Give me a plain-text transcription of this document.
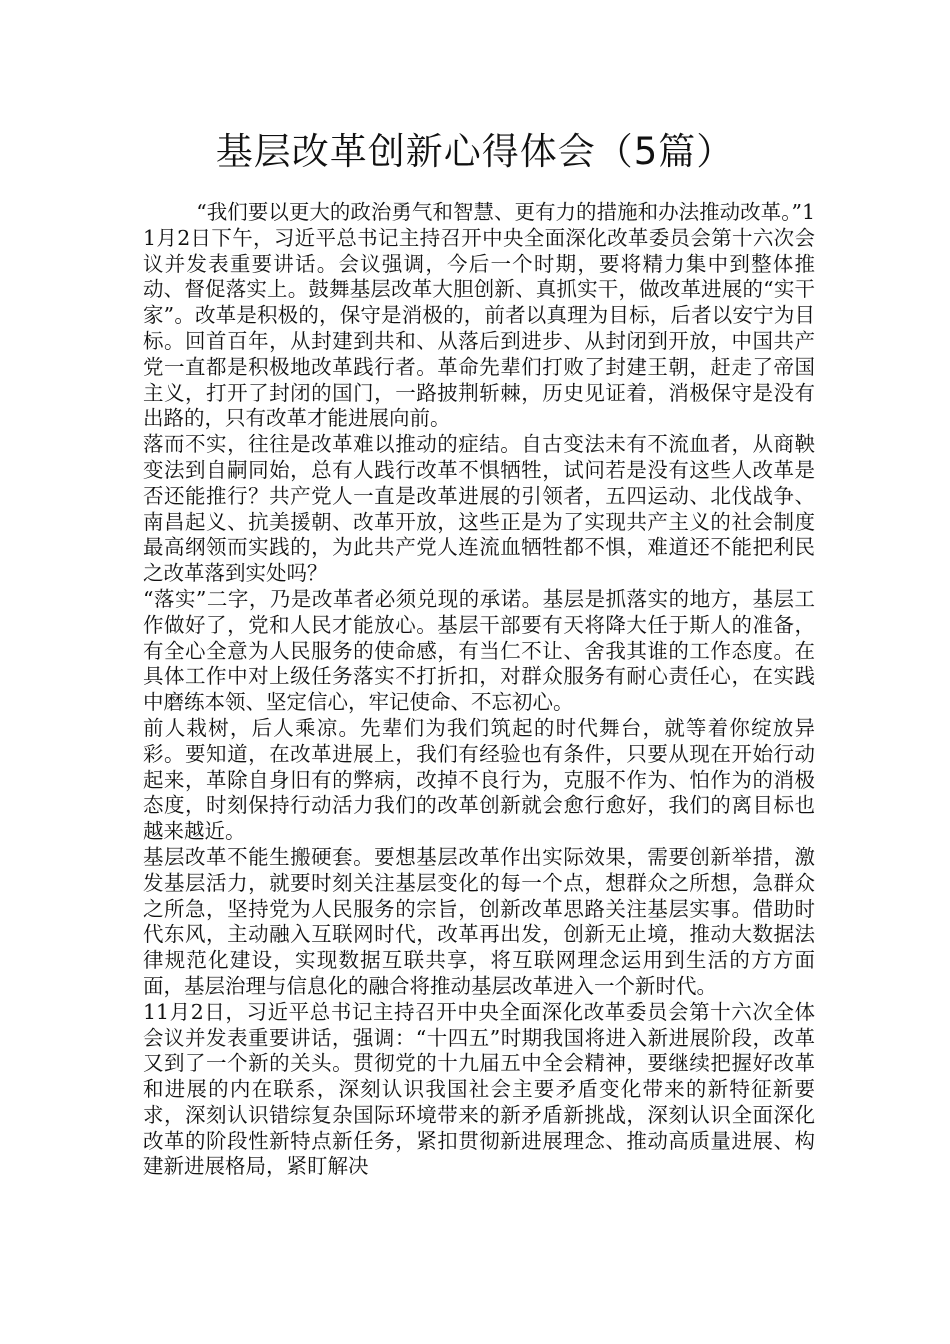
基层改革创新心得体会（5篇）

“我们要以更大的政治勇气和智慧、更有力的措施和办法推动改革。”11月2日下午，习近平总书记主持召开中央全面深化改革委员会第十六次会议并发表重要讲话。会议强调，今后一个时期，要将精力集中到整体推动、督促落实上。鼓舞基层改革大胆创新、真抓实干，做改革进展的“实干家”。改革是积极的，保守是消极的，前者以真理为目标，后者以安宁为目标。回首百年，从封建到共和、从落后到进步、从封闭到开放，中国共产党一直都是积极地改革践行者。革命先辈们打败了封建王朝，赶走了帝国主义，打开了封闭的国门，一路披荆斩棘，历史见证着，消极保守是没有出路的，只有改革才能进展向前。

落而不实，往往是改革难以推动的症结。自古变法未有不流血者，从商鞅变法到自嗣同始，总有人践行改革不惧牺牲，试问若是没有这些人改革是否还能推行？共产党人一直是改革进展的引领者，五四运动、北伐战争、南昌起义、抗美援朝、改革开放，这些正是为了实现共产主义的社会制度最高纲领而实践的，为此共产党人连流血牺牲都不惧，难道还不能把利民之改革落到实处吗？

“落实”二字，乃是改革者必须兑现的承诺。基层是抓落实的地方，基层工作做好了，党和人民才能放心。基层干部要有天将降大任于斯人的准备，有全心全意为人民服务的使命感，有当仁不让、舍我其谁的工作态度。在具体工作中对上级任务落实不打折扣，对群众服务有耐心责任心，在实践中磨练本领、坚定信心，牢记使命、不忘初心。

前人栽树，后人乘凉。先辈们为我们筑起的时代舞台，就等着你绽放异彩。要知道，在改革进展上，我们有经验也有条件，只要从现在开始行动起来，革除自身旧有的弊病，改掉不良行为，克服不作为、怕作为的消极态度，时刻保持行动活力我们的改革创新就会愈行愈好，我们的离目标也越来越近。

基层改革不能生搬硬套。要想基层改革作出实际效果，需要创新举措，激发基层活力，就要时刻关注基层变化的每一个点，想群众之所想，急群众之所急，坚持党为人民服务的宗旨，创新改革思路关注基层实事。借助时代东风，主动融入互联网时代，改革再出发，创新无止境，推动大数据法律规范化建设，实现数据互联共享，将互联网理念运用到生活的方方面面，基层治理与信息化的融合将推动基层改革进入一个新时代。

11月2日，习近平总书记主持召开中央全面深化改革委员会第十六次全体会议并发表重要讲话，强调：“十四五”时期我国将进入新进展阶段，改革又到了一个新的关头。贯彻党的十九届五中全会精神，要继续把握好改革和进展的内在联系，深刻认识我国社会主要矛盾变化带来的新特征新要求，深刻认识错综复杂国际环境带来的新矛盾新挑战，深刻认识全面深化改革的阶段性新特点新任务，紧扣贯彻新进展理念、推动高质量进展、构建新进展格局，紧盯解决
